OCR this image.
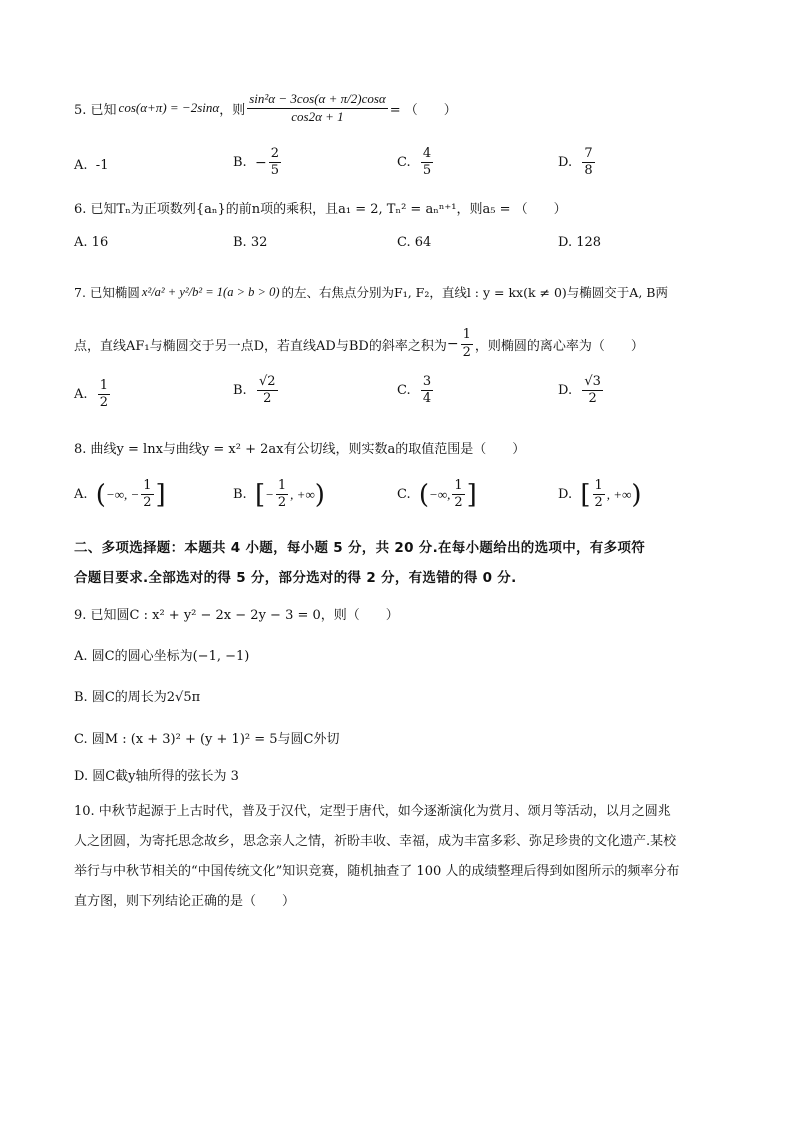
5. 已知 cos(α+π) = −2sinα ，则 $\frac{\text{sin²α − 3cos(α + π/2)cosα}}{\cos 2\alpha + 1}$ = （　　）
A. -1	B.
− $\frac{2}{5}$	C.
$\frac{4}{5}$	D.
$\frac{7}{8}$
6. 已知Tₙ为正项数列{aₙ}的前n项的乘积，且a₁ = 2, Tₙ² = aₙⁿ⁺¹，则a₅ = （　　）
A. 16	B. 32	C. 64	D. 128
7. 已知椭圆 x²/a² + y²/b² = 1(a > b > 0) 的左、右焦点分别为F₁, F₂，直线l : y = kx(k ≠ 0)与椭圆交于A, B两
点，直线AF₁与椭圆交于另一点D，若直线AD与BD的斜率之积为 − $\frac{1}{2}$ ，则椭圆的离心率为（　　）
A.
$\frac{1}{2}$	B.
$\frac{√2}{2}$	C.
$\frac{3}{4}$	D.
$\frac{√3}{2}$
8. 曲线y = lnx与曲线y = x² + 2ax有公切线，则实数a的取值范围是（　　）
A.
( −∞, − $\frac{1}{2}$ ]	B.
[ − $\frac{1}{2}$ , +∞ )	C.
( −∞, $\frac{1}{2}$ ]	D.
[ $\frac{1}{2}$ , +∞ )
二、多项选择题：本题共 4 小题，每小题 5 分，共 20 分.在每小题给出的选项中，有多项符
合题目要求.全部选对的得 5 分，部分选对的得 2 分，有选错的得 0 分.
9. 已知圆C : x² + y² − 2x − 2y − 3 = 0，则（　　）
A. 圆C的圆心坐标为(−1, −1)
B. 圆C的周长为2√5π
C. 圆M : (x + 3)² + (y + 1)² = 5与圆C外切
D. 圆C截y轴所得的弦长为 3
10. 中秋节起源于上古时代，普及于汉代，定型于唐代，如今逐渐演化为赏月、颂月等活动，以月之圆兆
人之团圆，为寄托思念故乡，思念亲人之情，祈盼丰收、幸福，成为丰富多彩、弥足珍贵的文化遗产.某校
举行与中秋节相关的“中国传统文化”知识竞赛，随机抽查了 100 人的成绩整理后得到如图所示的频率分布
直方图，则下列结论正确的是（　　）
